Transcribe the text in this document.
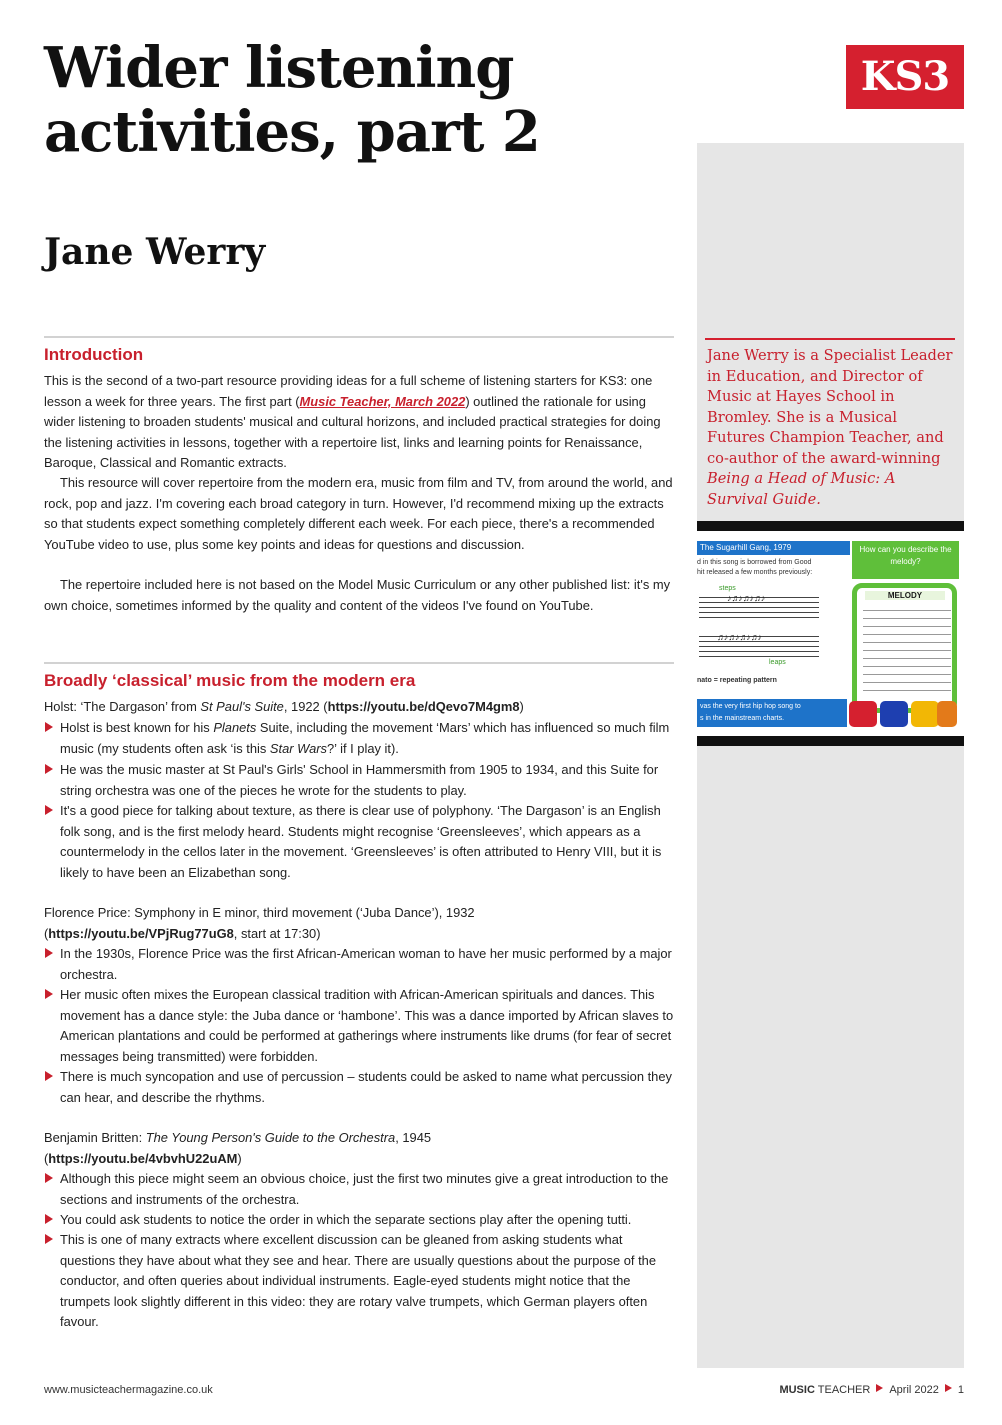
Wider listening activities, part 2
Jane Werry
KS3

Jane Werry is a Specialist Leader in Education, and Director of Music at Hayes School in Bromley. She is a Musical Futures Champion Teacher, and co-author of the award-winning Being a Head of Music: A Survival Guide.

The Sugarhill Gang, 1979
d in this song is borrowed from Good
hit released a few months previously:
steps
♪♫♪♫♪♫♪
♫♪♫♪♫♪♫♪
leaps
nato = repeating pattern
How can you describe the melody?
MELODY
vas the very first hip hop song to
s in the mainstream charts.
Introduction

This is the second of a two-part resource providing ideas for a full scheme of listening starters for KS3: one lesson a week for three years. The first part (Music Teacher, March 2022) outlined the rationale for using wider listening to broaden students' musical and cultural horizons, and included practical strategies for doing the listening activities in lessons, together with a repertoire list, links and learning points for Renaissance, Baroque, Classical and Romantic extracts.

This resource will cover repertoire from the modern era, music from film and TV, from around the world, and rock, pop and jazz. I'm covering each broad category in turn. However, I'd recommend mixing up the extracts so that students expect something completely different each week. For each piece, there's a recommended YouTube video to use, plus some key points and ideas for questions and discussion.

The repertoire included here is not based on the Model Music Curriculum or any other published list: it's my own choice, sometimes informed by the quality and content of the videos I've found on YouTube.

Broadly ‘classical’ music from the modern era

Holst: ‘The Dargason’ from St Paul's Suite, 1922 (https://youtu.be/dQevo7M4gm8)

Holst is best known for his Planets Suite, including the movement ‘Mars’ which has influenced so much film music (my students often ask ‘is this Star Wars?’ if I play it).
He was the music master at St Paul's Girls' School in Hammersmith from 1905 to 1934, and this Suite for string orchestra was one of the pieces he wrote for the students to play.
It's a good piece for talking about texture, as there is clear use of polyphony. ‘The Dargason’ is an English folk song, and is the first melody heard. Students might recognise ‘Greensleeves’, which appears as a countermelody in the cellos later in the movement. ‘Greensleeves’ is often attributed to Henry VIII, but it is likely to have been an Elizabethan song.

Florence Price: Symphony in E minor, third movement (‘Juba Dance’), 1932
(https://youtu.be/VPjRug77uG8, start at 17:30)

In the 1930s, Florence Price was the first African-American woman to have her music performed by a major orchestra.
Her music often mixes the European classical tradition with African-American spirituals and dances. This movement has a dance style: the Juba dance or ‘hambone’. This was a dance imported by African slaves to American plantations and could be performed at gatherings where instruments like drums (for fear of secret messages being transmitted) were forbidden.
There is much syncopation and use of percussion – students could be asked to name what percussion they can hear, and describe the rhythms.

Benjamin Britten: The Young Person's Guide to the Orchestra, 1945
(https://youtu.be/4vbvhU22uAM)

Although this piece might seem an obvious choice, just the first two minutes give a great introduction to the sections and instruments of the orchestra.
You could ask students to notice the order in which the separate sections play after the opening tutti.
This is one of many extracts where excellent discussion can be gleaned from asking students what questions they have about what they see and hear. There are usually questions about the purpose of the conductor, and often queries about individual instruments. Eagle-eyed students might notice that the trumpets look slightly different in this video: they are rotary valve trumpets, which German players often favour.

www.musicteachermagazine.co.uk	MUSIC TEACHER April 2022 1
